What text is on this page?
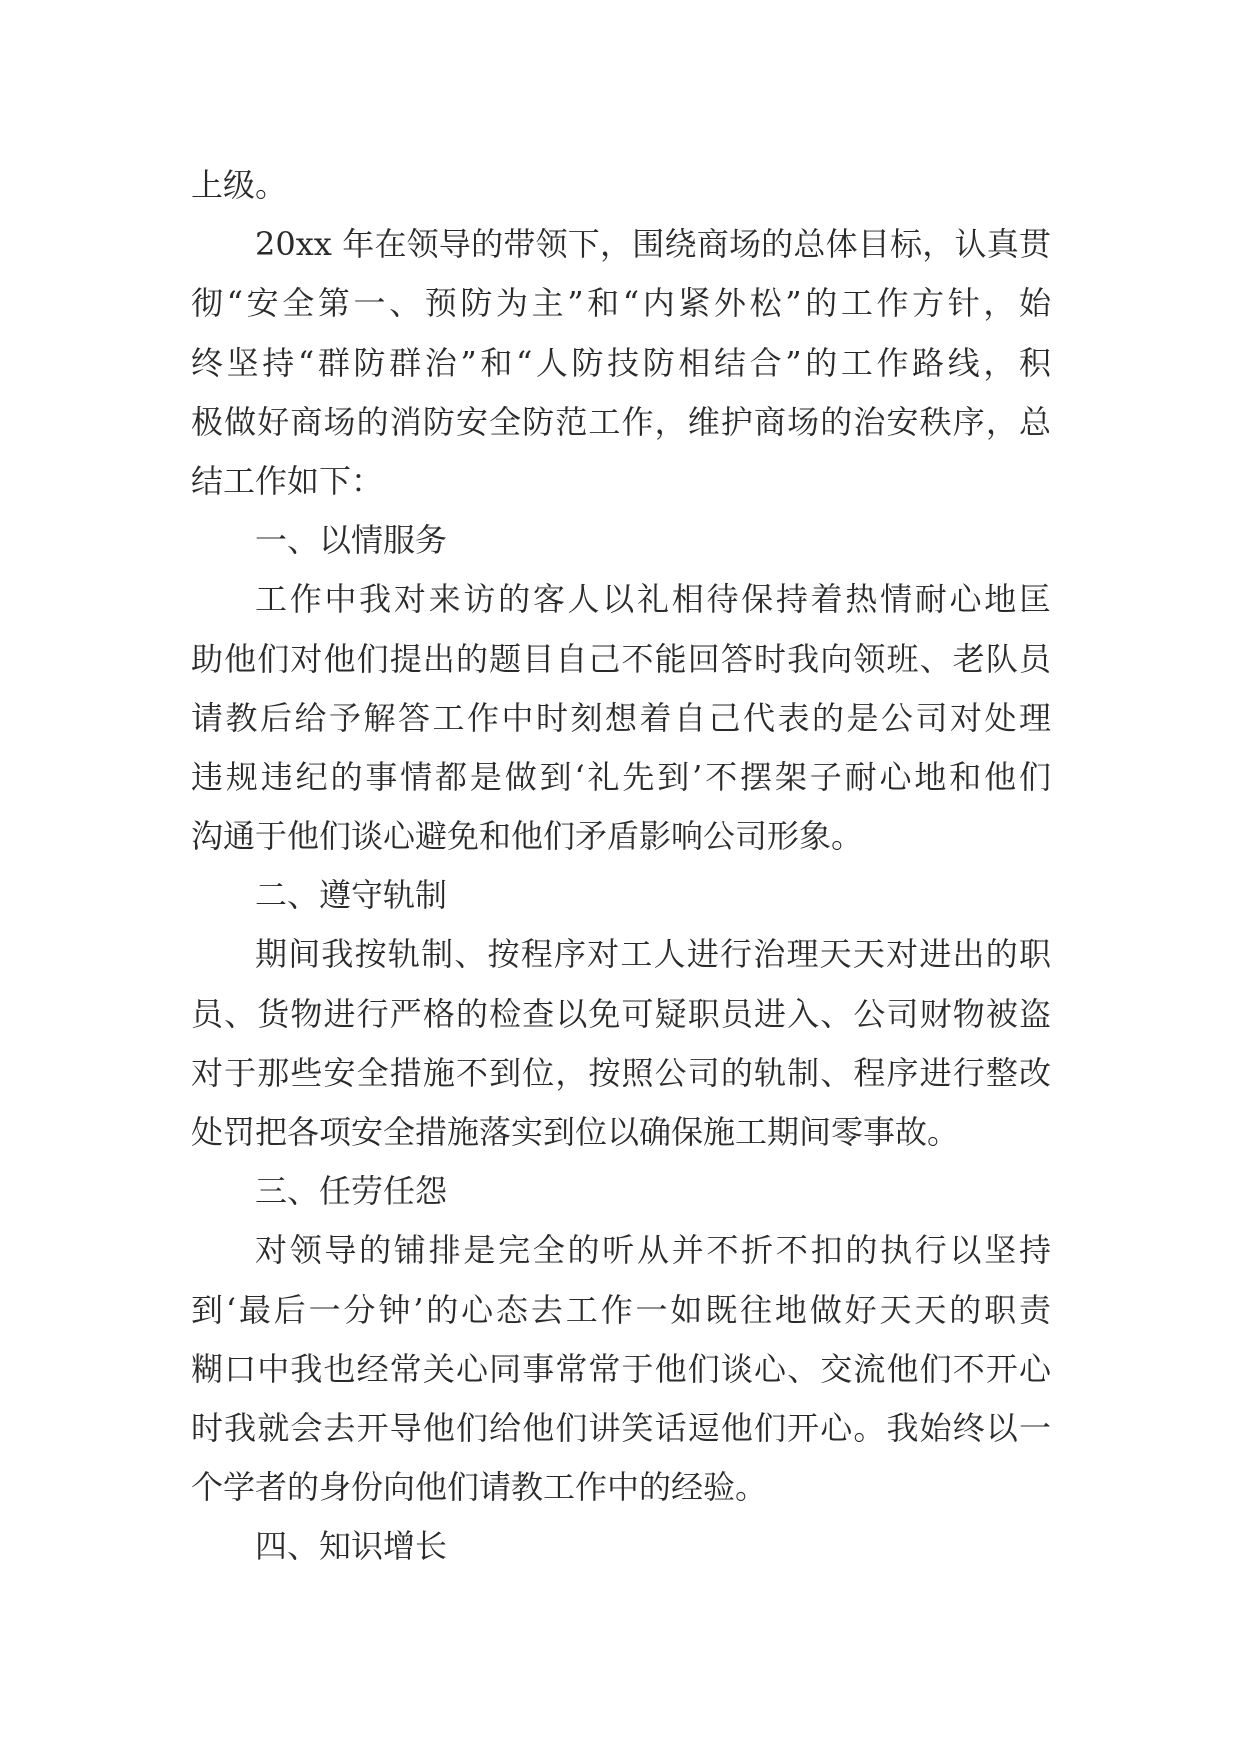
上级。
20xx 年在领导的带领下，围绕商场的总体目标，认真贯
彻“安全第一、预防为主”和“内紧外松”的工作方针，始
终坚持“群防群治”和“人防技防相结合”的工作路线，积
极做好商场的消防安全防范工作，维护商场的治安秩序，总
结工作如下：
一、以情服务
工作中我对来访的客人以礼相待保持着热情耐心地匡
助他们对他们提出的题目自己不能回答时我向领班、老队员
请教后给予解答工作中时刻想着自己代表的是公司对处理
违规违纪的事情都是做到‘礼先到’不摆架子耐心地和他们
沟通于他们谈心避免和他们矛盾影响公司形象。
二、遵守轨制
期间我按轨制、按程序对工人进行治理天天对进出的职
员、货物进行严格的检查以免可疑职员进入、公司财物被盗
对于那些安全措施不到位，按照公司的轨制、程序进行整改
处罚把各项安全措施落实到位以确保施工期间零事故。
三、任劳任怨
对领导的铺排是完全的听从并不折不扣的执行以坚持
到‘最后一分钟’的心态去工作一如既往地做好天天的职责
糊口中我也经常关心同事常常于他们谈心、交流他们不开心
时我就会去开导他们给他们讲笑话逗他们开心。我始终以一
个学者的身份向他们请教工作中的经验。
四、知识增长
